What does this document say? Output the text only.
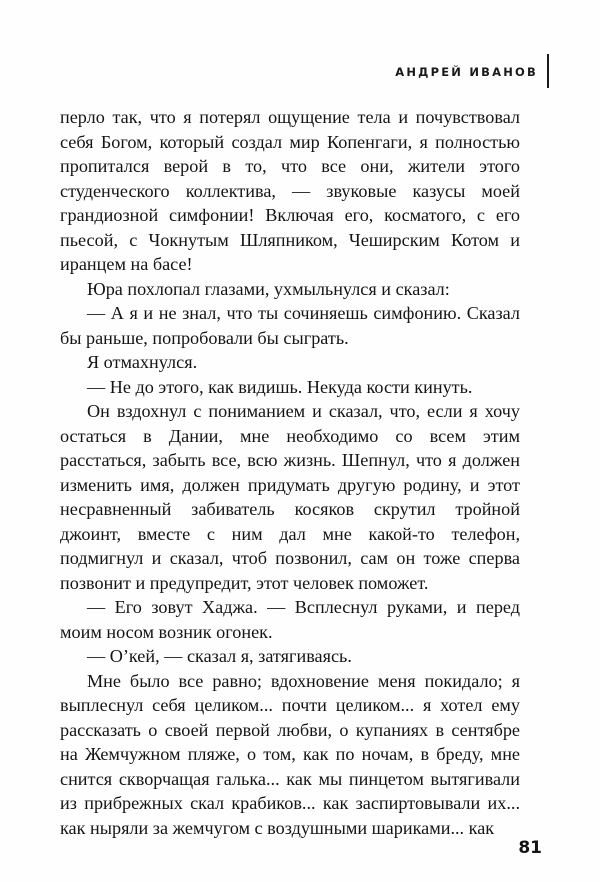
АНДРЕЙ ИВАНОВ

перло так, что я потерял ощущение тела и почувствовал себя Богом, который создал мир Копенгаги, я полностью пропитался верой в то, что все они, жители этого студенческого коллектива, — звуковые казусы моей грандиозной симфонии! Включая его, косматого, с его пьесой, с Чокнутым Шляпником, Чеширским Котом и иранцем на басе!

Юра похлопал глазами, ухмыльнулся и сказал:

— А я и не знал, что ты сочиняешь симфонию. Сказал бы раньше, попробовали бы сыграть.

Я отмахнулся.

— Не до этого, как видишь. Некуда кости кинуть.

Он вздохнул с пониманием и сказал, что, если я хочу остаться в Дании, мне необходимо со всем этим расстаться, забыть все, всю жизнь. Шепнул, что я должен изменить имя, должен придумать другую родину, и этот несравненный забиватель косяков скрутил тройной джоинт, вместе с ним дал мне какой-то телефон, подмигнул и сказал, чтоб позвонил, сам он тоже сперва позвонит и предупредит, этот человек поможет.

— Его зовут Хаджа. — Всплеснул руками, и перед моим носом возник огонек.

— О’кей, — сказал я, затягиваясь.

Мне было все равно; вдохновение меня покидало; я выплеснул себя целиком... почти целиком... я хотел ему рассказать о своей первой любви, о купаниях в сентябре на Жемчужном пляже, о том, как по ночам, в бреду, мне снится скворчащая галька... как мы пинцетом вытягивали из прибрежных скал крабиков... как заспиртовывали их... как ныряли за жемчугом с воздушными шариками... как

81
